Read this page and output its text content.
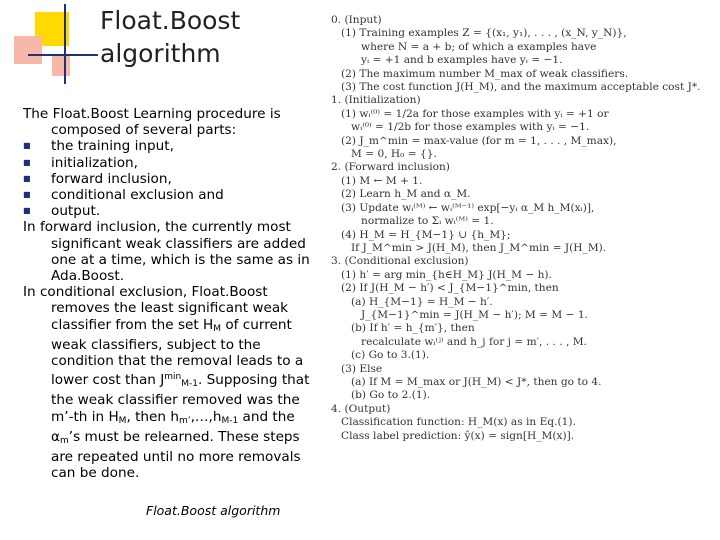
Float.Boost
algorithm

The Float.Boost Learning procedure is composed of several parts:

■	the training input,
■	initialization,
■	forward inclusion,
■	conditional exclusion and
■	output.

In forward inclusion, the currently most significant weak classifiers are added one at a time, which is the same as in Ada.Boost.

In conditional exclusion, Float.Boost removes the least significant weak classifier from the set $H_M$ of current weak classifiers, subject to the condition that the removal leads to a lower cost than $J^{min}_{M-1}$. Supposing that the weak classifier removed was the m’-th in $H_M$, then $h_{m’},\dots,h_{M-1}$ and the $\alpha_m’s$ must be relearned. These steps are repeated until no more removals can be done.

Float.Boost algorithm
0. (Input)
(1) Training examples Z = {(x₁, y₁), . . . , (x_N, y_N)},
where N = a + b; of which a examples have
yᵢ = +1 and b examples have yᵢ = −1.
(2) The maximum number M_max of weak classifiers.
(3) The cost function J(H_M), and the maximum acceptable cost J*.
1. (Initialization)
(1) wᵢ⁽⁰⁾ = 1/2a for those examples with yᵢ = +1 or
wᵢ⁽⁰⁾ = 1/2b for those examples with yᵢ = −1.
(2) J_m^min = max-value (for m = 1, . . . , M_max),
M = 0, H₀ = {}.
2. (Forward inclusion)
(1) M ← M + 1.
(2) Learn h_M and α_M.
(3) Update wᵢ⁽ᴹ⁾ ← wᵢ⁽ᴹ⁻¹⁾ exp[−yᵢ α_M h_M(xᵢ)],
normalize to Σᵢ wᵢ⁽ᴹ⁾ = 1.
(4) H_M = H_{M−1} ∪ {h_M};
If J_M^min > J(H_M), then J_M^min = J(H_M).
3. (Conditional exclusion)
(1) h′ = arg min_{h∈H_M} J(H_M − h).
(2) If J(H_M − h′) < J_{M−1}^min, then
(a) H_{M−1} = H_M − h′.
J_{M−1}^min = J(H_M − h′); M = M − 1.
(b) If h′ = h_{m′}, then
recalculate wᵢ⁽ʲ⁾ and h_j for j = m′, . . . , M.
(c) Go to 3.(1).
(3) Else
(a) If M = M_max or J(H_M) < J*, then go to 4.
(b) Go to 2.(1).
4. (Output)
Classification function: H_M(x) as in Eq.(1).
Class label prediction: ŷ(x) = sign[H_M(x)].
